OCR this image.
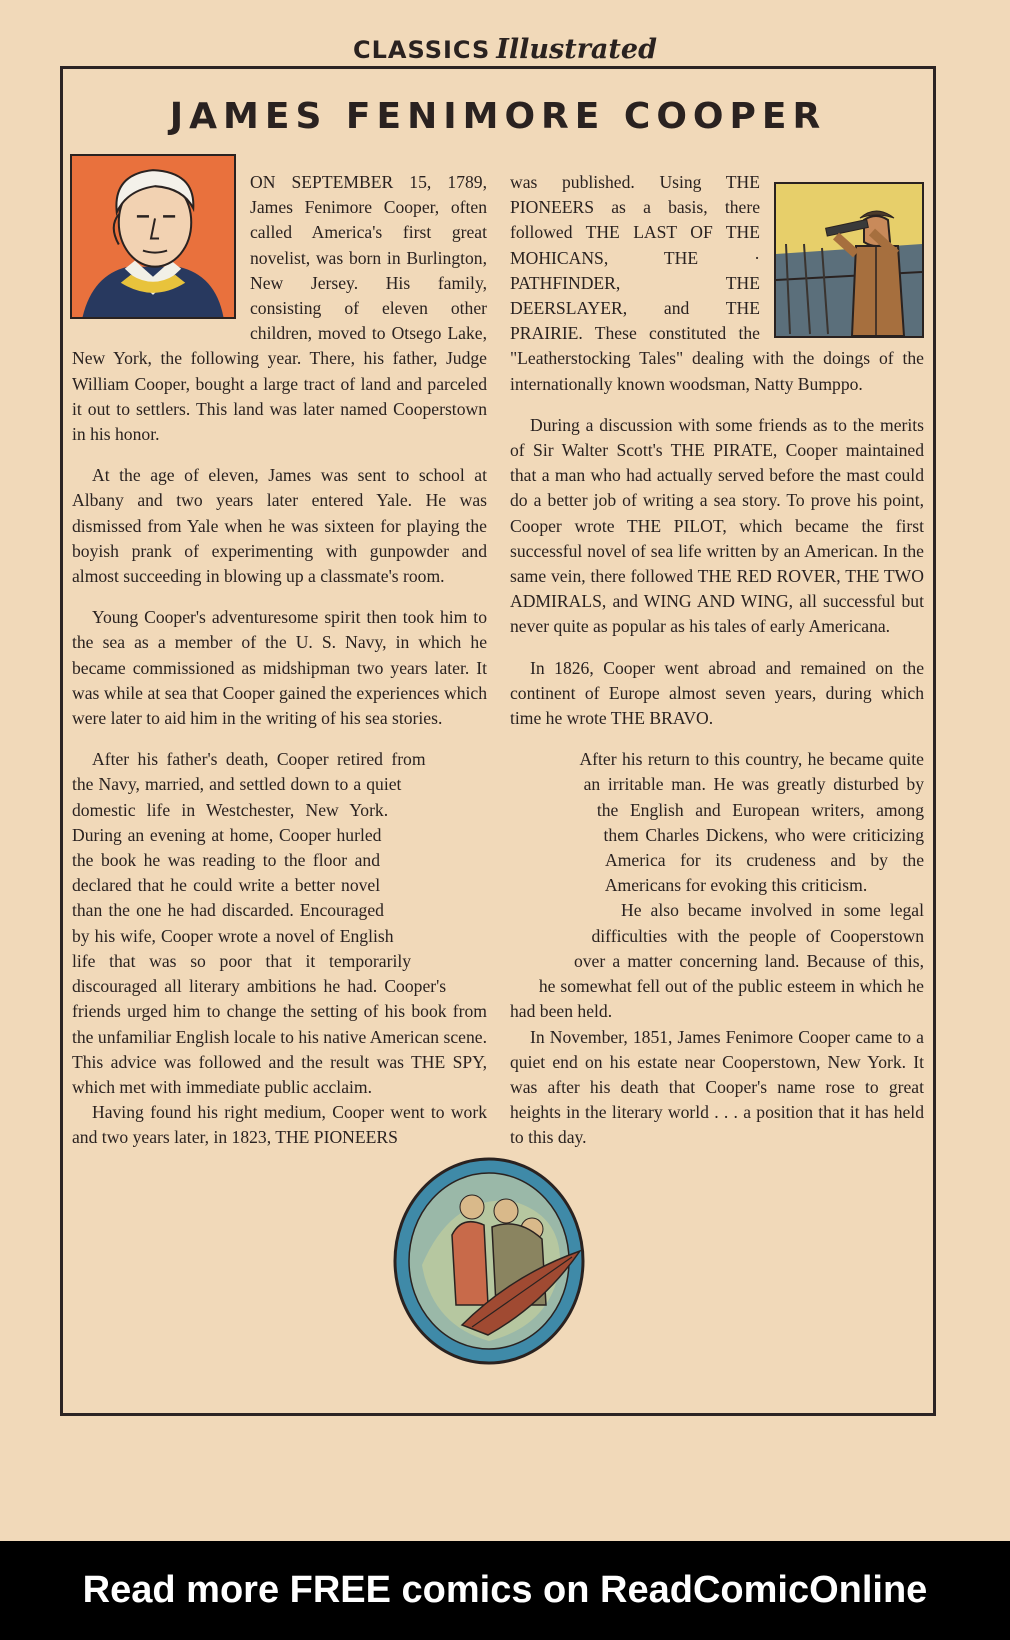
CLASSICS Illustrated
JAMES FENIMORE COOPER

ON SEPTEMBER 15, 1789, James Fenimore Cooper, often called America's first great novelist, was born in Burlington, New Jersey. His family, consisting of eleven other children, moved to Otsego Lake, New York, the following year. There, his father, Judge William Cooper, bought a large tract of land and parceled it out to settlers. This land was later named Cooperstown in his honor.

At the age of eleven, James was sent to school at Albany and two years later entered Yale. He was dismissed from Yale when he was sixteen for playing the boyish prank of experimenting with gunpowder and almost succeeding in blowing up a classmate's room.

Young Cooper's adventuresome spirit then took him to the sea as a member of the U. S. Navy, in which he became commissioned as midshipman two years later. It was while at sea that Cooper gained the experiences which were later to aid him in the writing of his sea stories.

After his father's death, Cooper retired from the Navy, married, and settled down to a quiet domestic life in Westchester, New York. During an evening at home, Cooper hurled the book he was reading to the floor and declared that he could write a better novel than the one he had discarded. Encouraged by his wife, Cooper wrote a novel of English life that was so poor that it temporarily discouraged all literary ambitions he had. Cooper's friends urged him to change the setting of his book from the unfamiliar English locale to his native American scene. This advice was followed and the result was THE SPY, which met with immediate public acclaim.

Having found his right medium, Cooper went to work and two years later, in 1823, THE PIONEERS

was published. Using THE PIONEERS as a basis, there followed THE LAST OF THE MOHICANS, THE · PATHFINDER, THE DEERSLAYER, and THE PRAIRIE. These constituted the "Leatherstocking Tales" dealing with the doings of the internationally known woodsman, Natty Bumppo.

During a discussion with some friends as to the merits of Sir Walter Scott's THE PIRATE, Cooper maintained that a man who had actually served before the mast could do a better job of writing a sea story. To prove his point, Cooper wrote THE PILOT, which became the first successful novel of sea life written by an American. In the same vein, there followed THE RED ROVER, THE TWO ADMIRALS, and WING AND WING, all successful but never quite as popular as his tales of early Americana.

In 1826, Cooper went abroad and remained on the continent of Europe almost seven years, during which time he wrote THE BRAVO.

After his return to this country, he became quite an irritable man. He was greatly disturbed by the English and European writers, among them Charles Dickens, who were criticizing America for its crudeness and by the Americans for evoking this criticism.

He also became involved in some legal difficulties with the people of Cooperstown over a matter concerning land. Because of this, he somewhat fell out of the public esteem in which he had been held.

In November, 1851, James Fenimore Cooper came to a quiet end on his estate near Cooperstown, New York. It was after his death that Cooper's name rose to great heights in the literary world . . . a position that it has held to this day.

Read more FREE comics on ReadComicOnline
